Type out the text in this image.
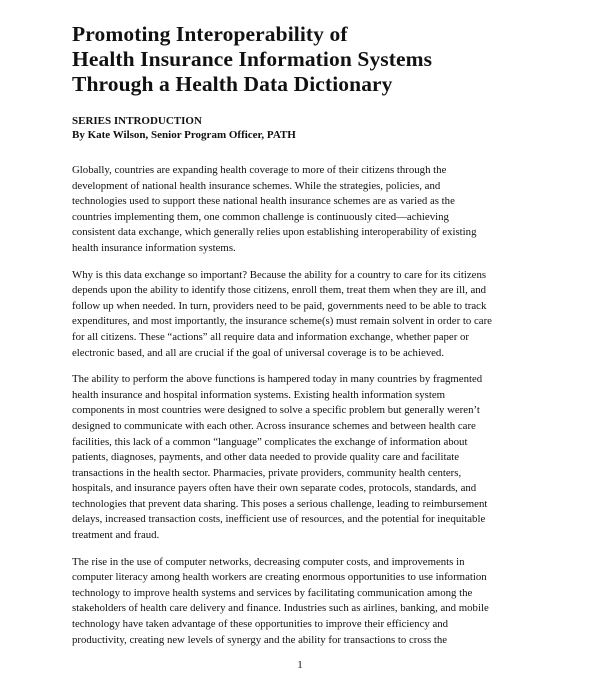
Promoting Interoperability of
Health Insurance Information Systems
Through a Health Data Dictionary
SERIES INTRODUCTION
By Kate Wilson, Senior Program Officer, PATH

Globally, countries are expanding health coverage to more of their citizens through the
development of national health insurance schemes. While the strategies, policies, and
technologies used to support these national health insurance schemes are as varied as the
countries implementing them, one common challenge is continuously cited—achieving
consistent data exchange, which generally relies upon establishing interoperability of existing
health insurance information systems.

Why is this data exchange so important? Because the ability for a country to care for its citizens
depends upon the ability to identify those citizens, enroll them, treat them when they are ill, and
follow up when needed. In turn, providers need to be paid, governments need to be able to track
expenditures, and most importantly, the insurance scheme(s) must remain solvent in order to care
for all citizens. These “actions” all require data and information exchange, whether paper or
electronic based, and all are crucial if the goal of universal coverage is to be achieved.

The ability to perform the above functions is hampered today in many countries by fragmented
health insurance and hospital information systems. Existing health information system
components in most countries were designed to solve a specific problem but generally weren’t
designed to communicate with each other. Across insurance schemes and between health care
facilities, this lack of a common “language” complicates the exchange of information about
patients, diagnoses, payments, and other data needed to provide quality care and facilitate
transactions in the health sector. Pharmacies, private providers, community health centers,
hospitals, and insurance payers often have their own separate codes, protocols, standards, and
technologies that prevent data sharing. This poses a serious challenge, leading to reimbursement
delays, increased transaction costs, inefficient use of resources, and the potential for inequitable
treatment and fraud.

The rise in the use of computer networks, decreasing computer costs, and improvements in
computer literacy among health workers are creating enormous opportunities to use information
technology to improve health systems and services by facilitating communication among the
stakeholders of health care delivery and finance. Industries such as airlines, banking, and mobile
technology have taken advantage of these opportunities to improve their efficiency and
productivity, creating new levels of synergy and the ability for transactions to cross the

1
